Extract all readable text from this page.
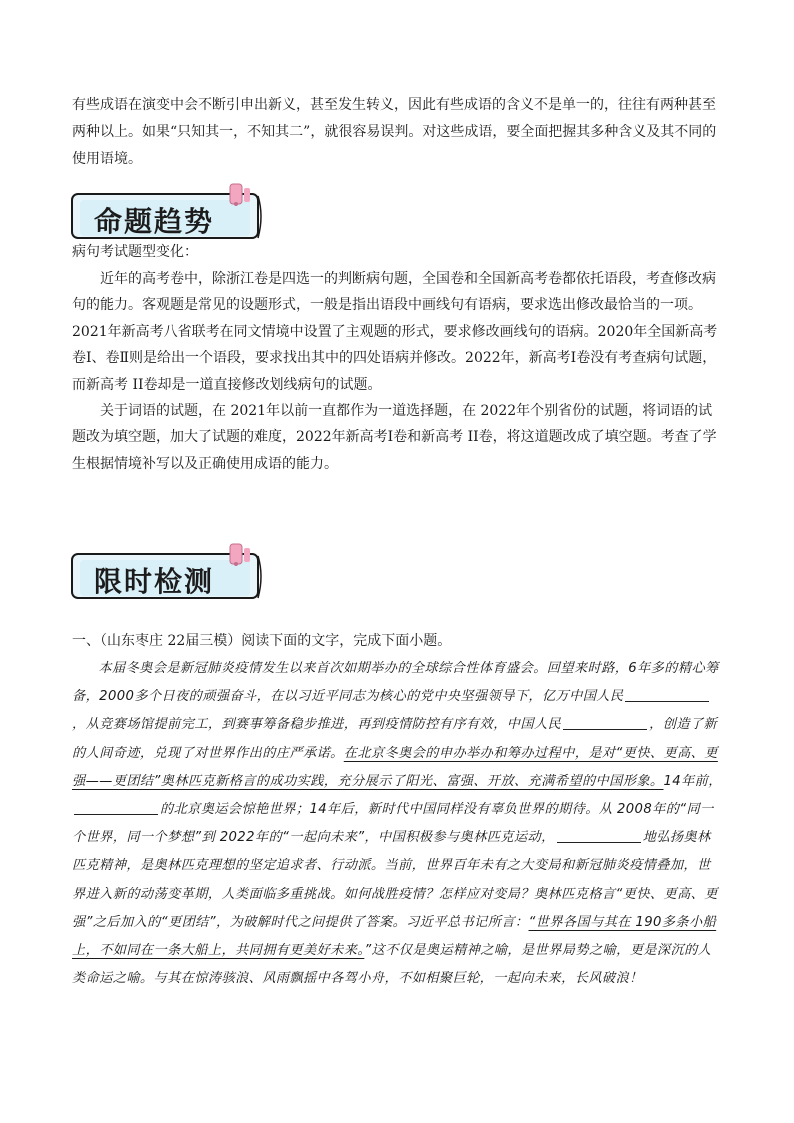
有些成语在演变中会不断引申出新义，甚至发生转义，因此有些成语的含义不是单一的，往往有两种甚至两种以上。如果“只知其一，不知其二”，就很容易误判。对这些成语，要全面把握其多种含义及其不同的使用语境。
命题趋势
病句考试题型变化：
近年的高考卷中，除浙江卷是四选一的判断病句题，全国卷和全国新高考卷都依托语段，考查修改病句的能力。客观题是常见的设题形式，一般是指出语段中画线句有语病，要求选出修改最恰当的一项。2021年新高考八省联考在同文情境中设置了主观题的形式，要求修改画线句的语病。2020年全国新高考卷Ⅰ、卷Ⅱ则是给出一个语段，要求找出其中的四处语病并修改。2022年，新高考Ⅰ卷没有考查病句试题，而新高考 II卷却是一道直接修改划线病句的试题。
关于词语的试题，在 2021年以前一直都作为一道选择题，在 2022年个别省份的试题，将词语的试题改为填空题，加大了试题的难度，2022年新高考Ⅰ卷和新高考 II卷，将这道题改成了填空题。考查了学生根据情境补写以及正确使用成语的能力。
限时检测
一、（山东枣庄 22届三模）阅读下面的文字，完成下面小题。
本届冬奥会是新冠肺炎疫情发生以来首次如期举办的全球综合性体育盛会。回望来时路，6年多的精心筹备，2000多个日夜的顽强奋斗，在以习近平同志为核心的党中央坚强领导下，亿万中国人民，从竞赛场馆提前完工，到赛事筹备稳步推进，再到疫情防控有序有效，中国人民	，创造了新的人间奇迹，兑现了对世界作出的庄严承诺。在北京冬奥会的申办举办和筹办过程中，是对“更快、更高、更强——更团结”奥林匹克新格言的成功实践，充分展示了阳光、富强、开放、充满希望的中国形象。14年前，的北京奥运会惊艳世界；14年后，新时代中国同样没有辜负世界的期待。从 2008年的“同一个世界，同一个梦想”到 2022年的“一起向未来”，中国积极参与奥林匹克运动，	地弘扬奥林匹克精神，是奥林匹克理想的坚定追求者、行动派。当前，世界百年未有之大变局和新冠肺炎疫情叠加，世界进入新的动荡变革期，人类面临多重挑战。如何战胜疫情？怎样应对变局？奥林匹克格言“更快、更高、更强”之后加入的“更团结”，为破解时代之问提供了答案。习近平总书记所言：“世界各国与其在 190多条小船上，不如同在一条大船上，共同拥有更美好未来。”这不仅是奥运精神之喻，是世界局势之喻，更是深沉的人类命运之喻。与其在惊涛骇浪、风雨飘摇中各驾小舟，不如相聚巨轮，一起向未来，长风破浪！
